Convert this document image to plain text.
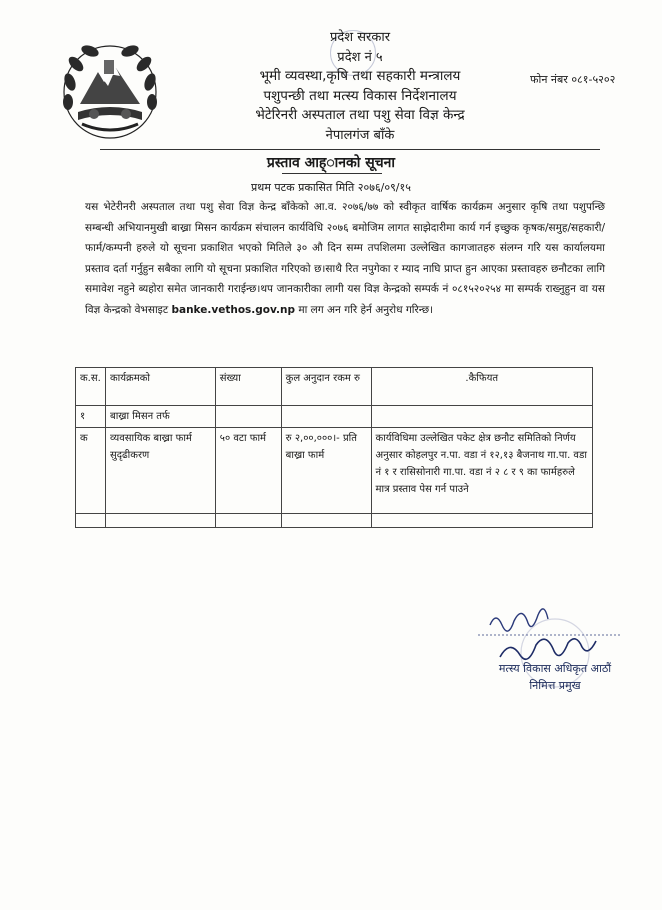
प्रदेश सरकार
प्रदेश नं ५
भूमी व्यवस्था,कृषि तथा सहकारी मन्त्रालय
पशुपन्छी तथा मत्स्य विकास निर्देशनालय
भेटेरिनरी अस्पताल तथा पशु सेवा विज्ञ केन्द्र
नेपालगंज बाँके
फोन नंबर ०८१-५२०२
प्रस्ताव आह्ानको सूचना
प्रथम पटक प्रकासित मिति २०७६/०९/१५
यस भेटेरीनरी अस्पताल तथा पशु सेवा विज्ञ केन्द्र बाँकेको आ.व. २०७६/७७ को स्वीकृत वार्षिक कार्यक्रम अनुसार कृषि तथा पशुपन्छि सम्बन्धी अभियानमुखी बाख्रा मिसन कार्यक्रम संचालन कार्यविधि २०७६ बमोजिम लागत साझेदारीमा कार्य गर्न इच्छुक कृषक/समुह/सहकारी/फार्म/कम्पनी हरुले यो सूचना प्रकाशित भएको मितिले ३० औ दिन सम्म तपशिलमा उल्लेखित कागजातहरु संलग्न गरि यस कार्यालयमा प्रस्ताव दर्ता गर्नुहुन सबैका लागि यो सूचना प्रकाशित गरिएको छ।साथै रित नपुगेका र म्याद नाघि प्राप्त हुन आएका प्रस्तावहरु छनौटका लागि समावेश नहुने ब्यहोरा समेत जानकारी गराईन्छ।थप जानकारीका लागी यस विज्ञ केन्द्रको सम्पर्क नं ०८१५२०२५४ मा सम्पर्क राख्नुहुन वा यस विज्ञ केन्द्रको वेभसाइट banke.vethos.gov.np मा लग अन गरि हेर्न अनुरोध गरिन्छ।
क.स.	कार्यक्रमको	संख्या	कुल अनुदान रकम रु	.कैफियत
१	बाख्रा मिसन तर्फ			
क	व्यवसायिक बाख्रा फार्म सुदृढीकरण	५० वटा फार्म	रु २,००,०००।- प्रति बाख्रा फार्म	कार्यविधिमा उल्लेखित पकेट क्षेत्र छनौट समितिको निर्णय अनुसार कोहलपुर न.पा. वडा नं १२,१३ बैजनाथ गा.पा. वडा नं १ र रासिसोनारी गा.पा. वडा नं २ ८ र ९ का फार्महरुले मात्र प्रस्ताव पेस गर्न पाउने

मत्स्य विकास अधिकृत आठौं
निमित्त प्रमुख
